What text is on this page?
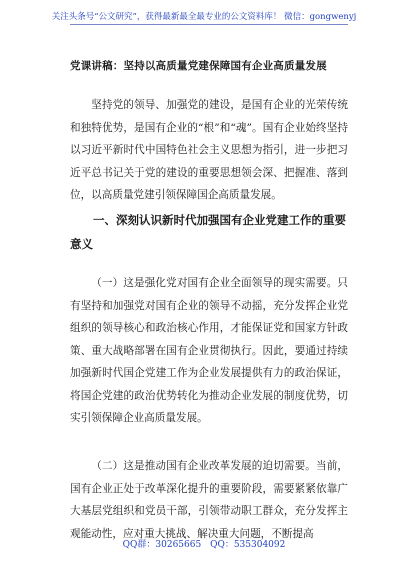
关注头条号“公文研究”，获得最新最全最专业的公文资料库！ 微信：gongwenyj
党课讲稿：坚持以高质量党建保障国有企业高质量发展

坚持党的领导、加强党的建设，是国有企业的光荣传统和独特优势，是国有企业的“根”和“魂”。国有企业始终坚持以习近平新时代中国特色社会主义思想为指引，进一步把习近平总书记关于党的建设的重要思想领会深、把握准、落到位，以高质量党建引领保障国企高质量发展。

一、深刻认识新时代加强国有企业党建工作的重要意义

（一）这是强化党对国有企业全面领导的现实需要。只有坚持和加强党对国有企业的领导不动摇，充分发挥企业党组织的领导核心和政治核心作用，才能保证党和国家方针政策、重大战略部署在国有企业贯彻执行。因此，要通过持续加强新时代国企党建工作为企业发展提供有力的政治保证，将国企党建的政治优势转化为推动企业发展的制度优势，切实引领保障企业高质量发展。

（二）这是推动国有企业改革发展的迫切需要。当前，国有企业正处于改革深化提升的重要阶段，需要紧紧依靠广大基层党组织和党员干部，引领带动职工群众，充分发挥主观能动性，应对重大挑战、解决重大问题，不断提高

QQ群：30265665 QQ：535304092
